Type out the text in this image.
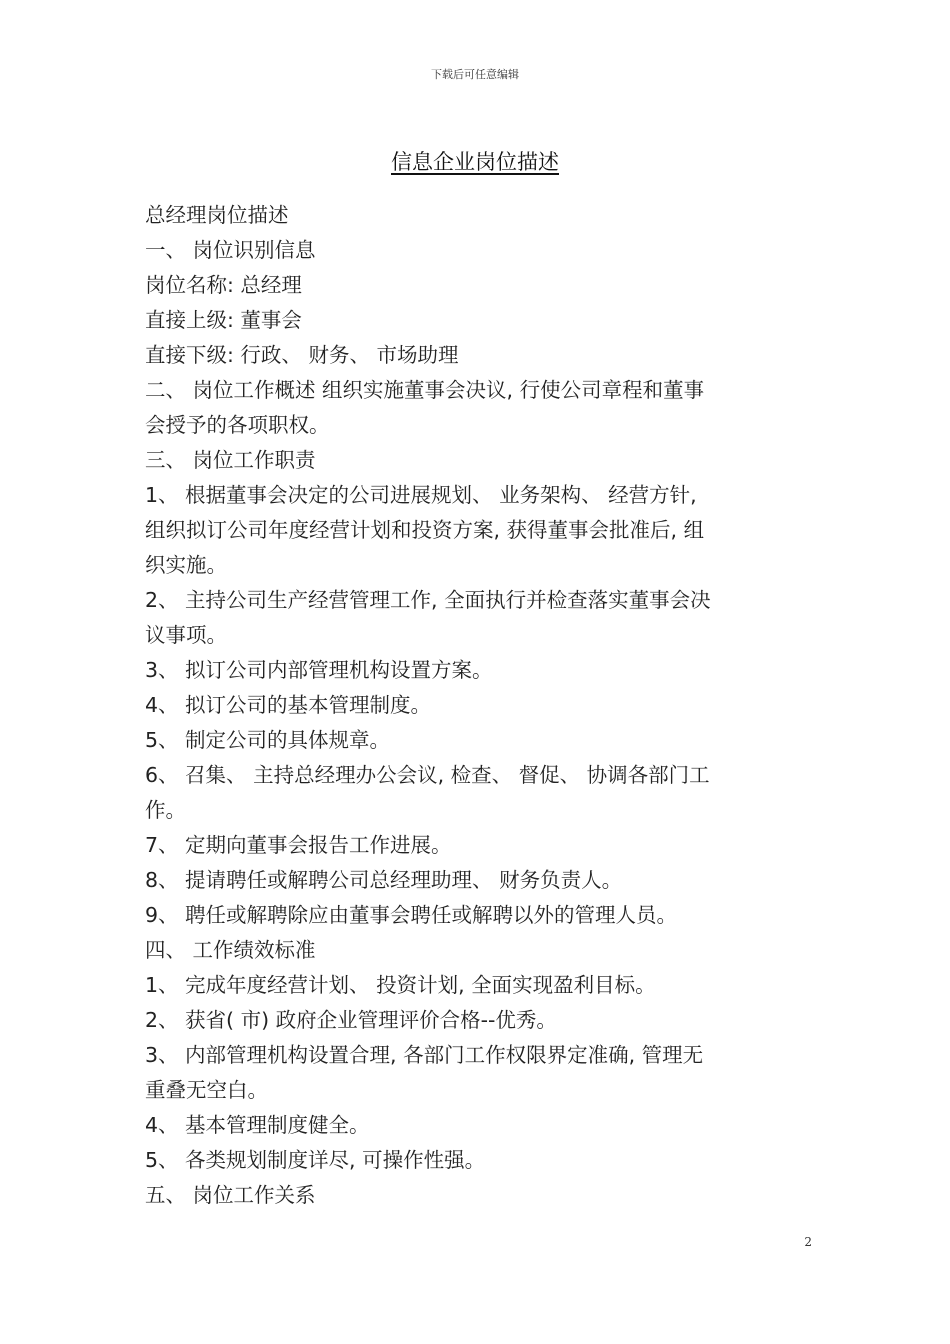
下载后可任意编辑
信息企业岗位描述
总经理岗位描述
一、 岗位识别信息
岗位名称: 总经理
直接上级: 董事会
直接下级: 行政、 财务、 市场助理
二、 岗位工作概述 组织实施董事会决议, 行使公司章程和董事
会授予的各项职权。
三、 岗位工作职责
1、 根据董事会决定的公司进展规划、 业务架构、 经营方针,
组织拟订公司年度经营计划和投资方案, 获得董事会批准后, 组
织实施。
2、 主持公司生产经营管理工作, 全面执行并检查落实董事会决
议事项。
3、 拟订公司内部管理机构设置方案。
4、 拟订公司的基本管理制度。
5、 制定公司的具体规章。
6、 召集、 主持总经理办公会议, 检查、 督促、 协调各部门工
作。
7、 定期向董事会报告工作进展。
8、 提请聘任或解聘公司总经理助理、 财务负责人。
9、 聘任或解聘除应由董事会聘任或解聘以外的管理人员。
四、 工作绩效标准
1、 完成年度经营计划、 投资计划, 全面实现盈利目标。
2、 获省( 市) 政府企业管理评价合格--优秀。
3、 内部管理机构设置合理, 各部门工作权限界定准确, 管理无
重叠无空白。
4、 基本管理制度健全。
5、 各类规划制度详尽, 可操作性强。
五、 岗位工作关系
2
